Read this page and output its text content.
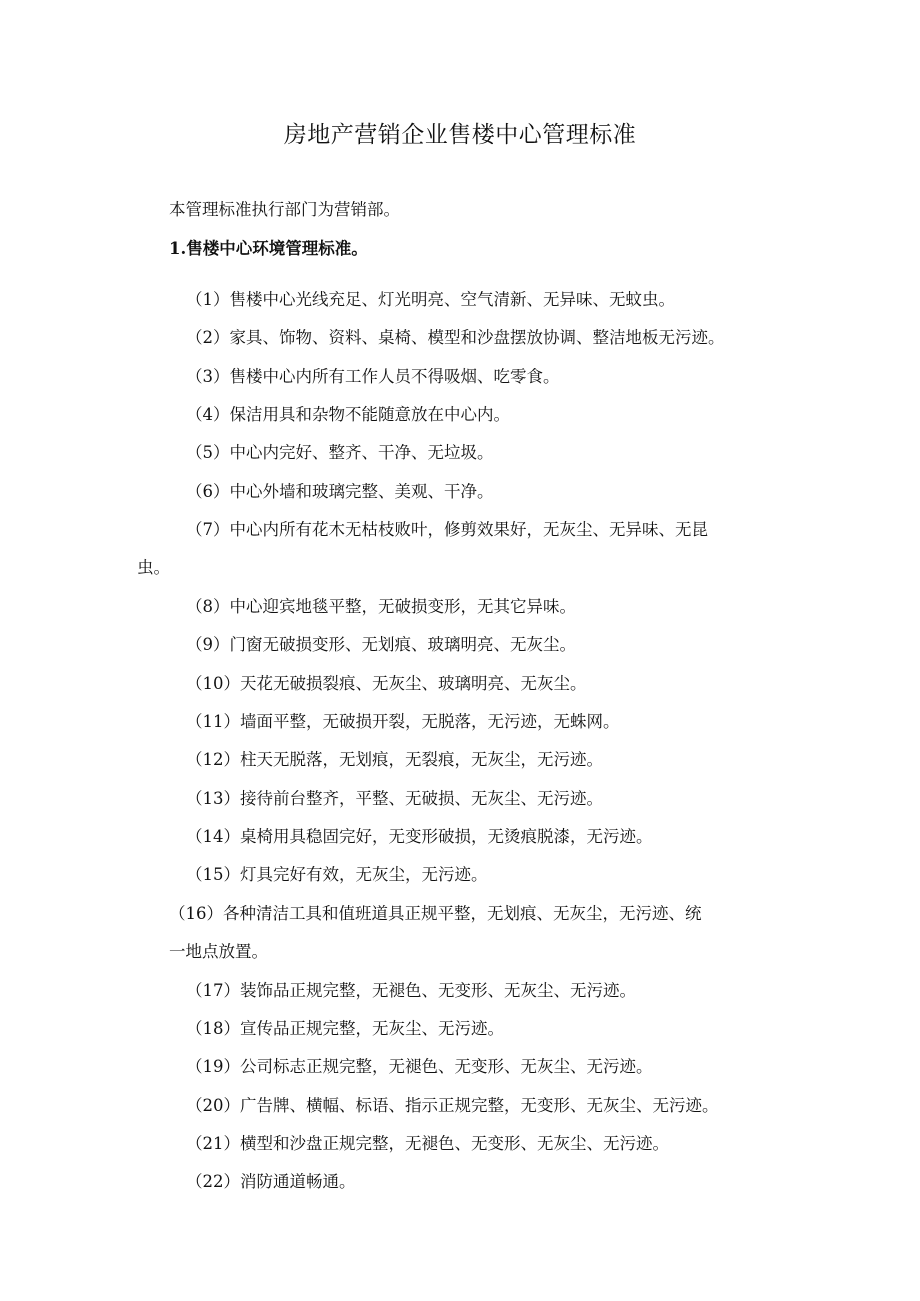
房地产营销企业售楼中心管理标准
本管理标准执行部门为营销部。
1.售楼中心环境管理标准。
（1）售楼中心光线充足、灯光明亮、空气清新、无异味、无蚊虫。
（2）家具、饰物、资料、桌椅、模型和沙盘摆放协调、整洁地板无污迹。
（3）售楼中心内所有工作人员不得吸烟、吃零食。
（4）保洁用具和杂物不能随意放在中心内。
（5）中心内完好、整齐、干净、无垃圾。
（6）中心外墙和玻璃完整、美观、干净。
（7）中心内所有花木无枯枝败叶，修剪效果好，无灰尘、无异味、无昆
虫。
（8）中心迎宾地毯平整，无破损变形，无其它异味。
（9）门窗无破损变形、无划痕、玻璃明亮、无灰尘。
（10）天花无破损裂痕、无灰尘、玻璃明亮、无灰尘。
（11）墙面平整，无破损开裂，无脱落，无污迹，无蛛网。
（12）柱天无脱落，无划痕，无裂痕，无灰尘，无污迹。
（13）接待前台整齐，平整、无破损、无灰尘、无污迹。
（14）桌椅用具稳固完好，无变形破损，无烫痕脱漆，无污迹。
（15）灯具完好有效，无灰尘，无污迹。
（16）各种清洁工具和值班道具正规平整，无划痕、无灰尘，无污迹、统
一地点放置。
（17）装饰品正规完整，无褪色、无变形、无灰尘、无污迹。
（18）宣传品正规完整，无灰尘、无污迹。
（19）公司标志正规完整，无褪色、无变形、无灰尘、无污迹。
（20）广告牌、横幅、标语、指示正规完整，无变形、无灰尘、无污迹。
（21）横型和沙盘正规完整，无褪色、无变形、无灰尘、无污迹。
（22）消防通道畅通。
